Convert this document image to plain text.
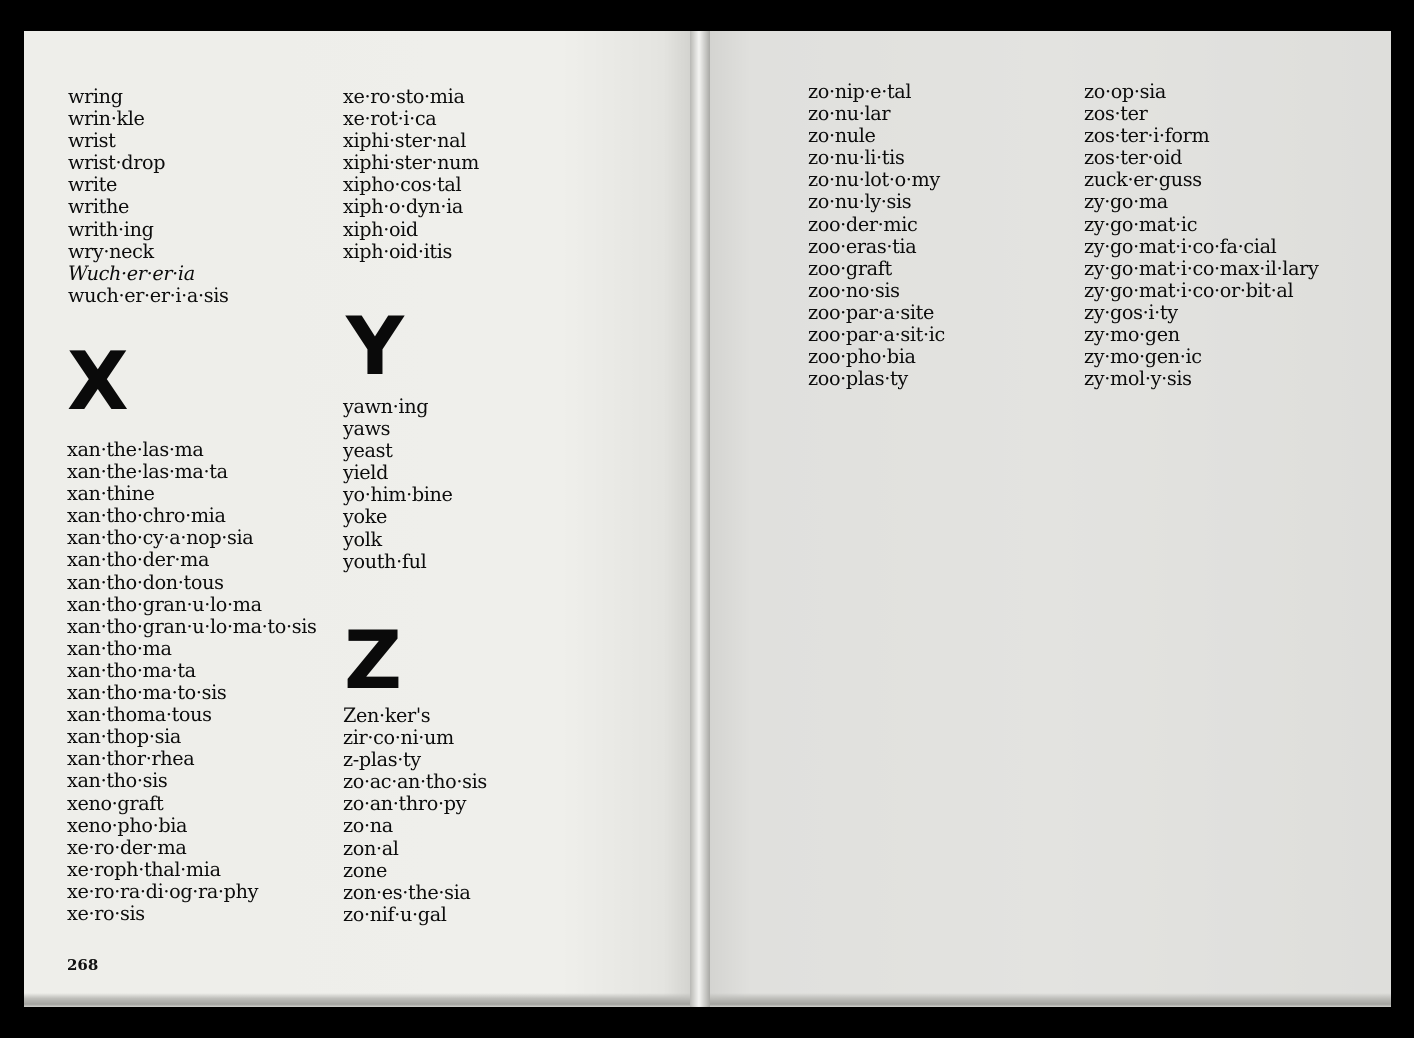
wring
wrin·kle
wrist
wrist·drop
write
writhe
writh·ing
wry·neck
Wuch·er·er·ia
wuch·er·er·i·a·sis
X
xan·the·las·ma
xan·the·las·ma·ta
xan·thine
xan·tho·chro·mia
xan·tho·cy·a·nop·sia
xan·tho·der·ma
xan·tho·don·tous
xan·tho·gran·u·lo·ma
xan·tho·gran·u·lo·ma·to·sis
xan·tho·ma
xan·tho·ma·ta
xan·tho·ma·to·sis
xan·thoma·tous
xan·thop·sia
xan·thor·rhea
xan·tho·sis
xeno·graft
xeno·pho·bia
xe·ro·der·ma
xe·roph·thal·mia
xe·ro·ra·di·og·ra·phy
xe·ro·sis
xe·ro·sto·mia
xe·rot·i·ca
xiphi·ster·nal
xiphi·ster·num
xipho·cos·tal
xiph·o·dyn·ia
xiph·oid
xiph·oid·itis
Y
yawn·ing
yaws
yeast
yield
yo·him·bine
yoke
yolk
youth·ful
Z
Zen·ker's
zir·co·ni·um
z-plas·ty
zo·ac·an·tho·sis
zo·an·thro·py
zo·na
zon·al
zone
zon·es·the·sia
zo·nif·u·gal
268
zo·nip·e·tal
zo·nu·lar
zo·nule
zo·nu·li·tis
zo·nu·lot·o·my
zo·nu·ly·sis
zoo·der·mic
zoo·eras·tia
zoo·graft
zoo·no·sis
zoo·par·a·site
zoo·par·a·sit·ic
zoo·pho·bia
zoo·plas·ty
zo·op·sia
zos·ter
zos·ter·i·form
zos·ter·oid
zuck·er·guss
zy·go·ma
zy·go·mat·ic
zy·go·mat·i·co·fa·cial
zy·go·mat·i·co·max·il·lary
zy·go·mat·i·co·or·bit·al
zy·gos·i·ty
zy·mo·gen
zy·mo·gen·ic
zy·mol·y·sis
